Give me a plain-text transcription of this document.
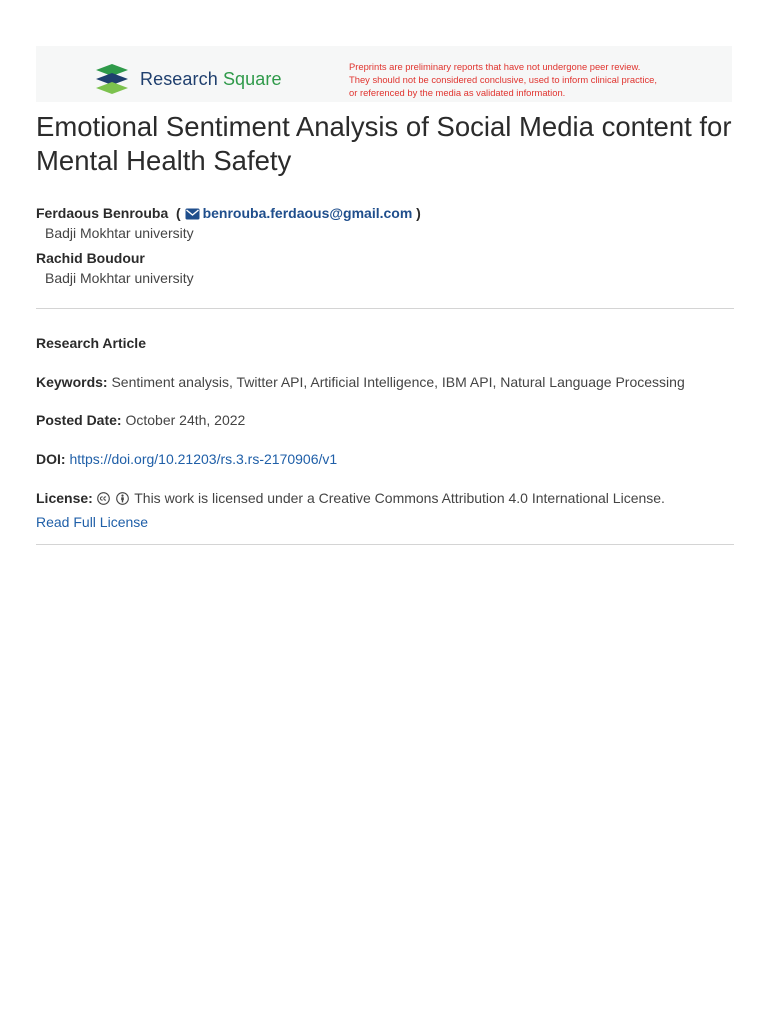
Research Square
Preprints are preliminary reports that have not undergone peer review.
They should not be considered conclusive, used to inform clinical practice,
or referenced by the media as validated information.
Emotional Sentiment Analysis of Social Media content for Mental Health Safety
Ferdaous Benrouba  ( benrouba.ferdaous@gmail.com )
Badji Mokhtar university
Rachid Boudour
Badji Mokhtar university
Research Article
Keywords: Sentiment analysis, Twitter API, Artificial Intelligence, IBM API, Natural Language Processing
Posted Date: October 24th, 2022
DOI: https://doi.org/10.21203/rs.3.rs-2170906/v1
License:	This work is licensed under a Creative Commons Attribution 4.0 International License.
Read Full License
